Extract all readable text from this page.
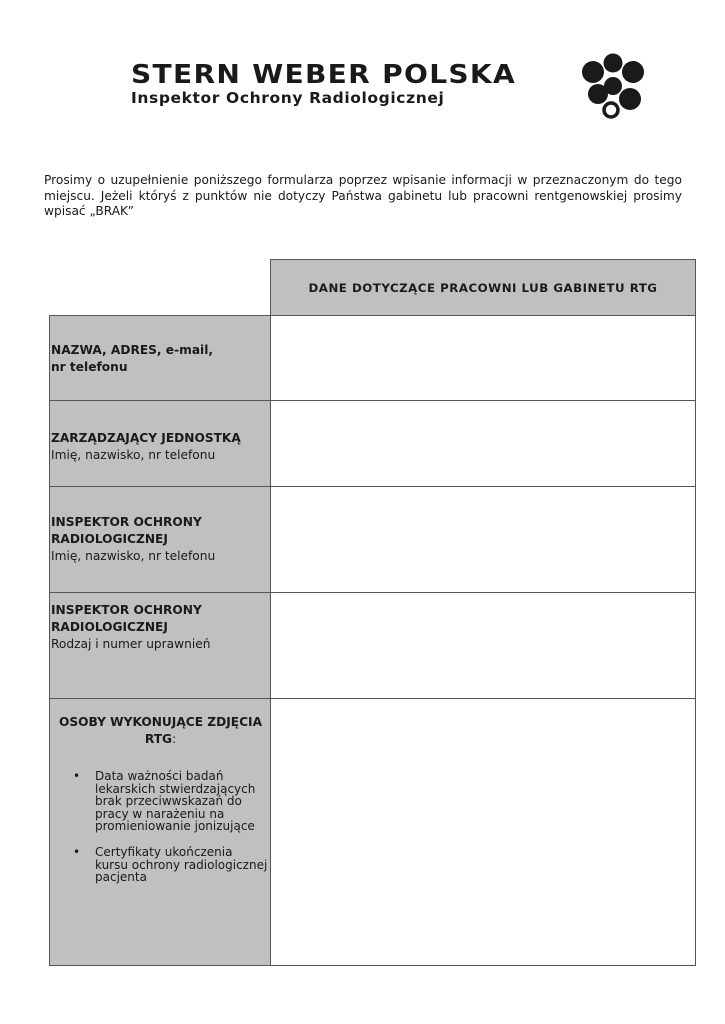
STERN WEBER POLSKA
Inspektor Ochrony Radiologicznej

Prosimy o uzupełnienie poniższego formularza poprzez wpisanie informacji w przeznaczonym do tego miejscu. Jeżeli któryś z punktów nie dotyczy Państwa gabinetu lub pracowni rentgenowskiej prosimy wpisać „BRAK”

DANE DOTYCZĄCE PRACOWNI LUB GABINETU RTG
NAZWA, ADRES, e-mail,
nr telefonu
ZARZĄDZAJĄCY JEDNOSTKĄ
Imię, nazwisko, nr telefonu
INSPEKTOR OCHRONY
RADIOLOGICZNEJ
Imię, nazwisko, nr telefonu
INSPEKTOR OCHRONY
RADIOLOGICZNEJ
Rodzaj i numer uprawnień
OSOBY WYKONUJĄCE ZDJĘCIA
RTG:
• Data ważności badań lekarskich stwierdzających brak przeciwwskazań do pracy w narażeniu na promieniowanie jonizujące
• Certyfikaty ukończenia kursu ochrony radiologicznej pacjenta
